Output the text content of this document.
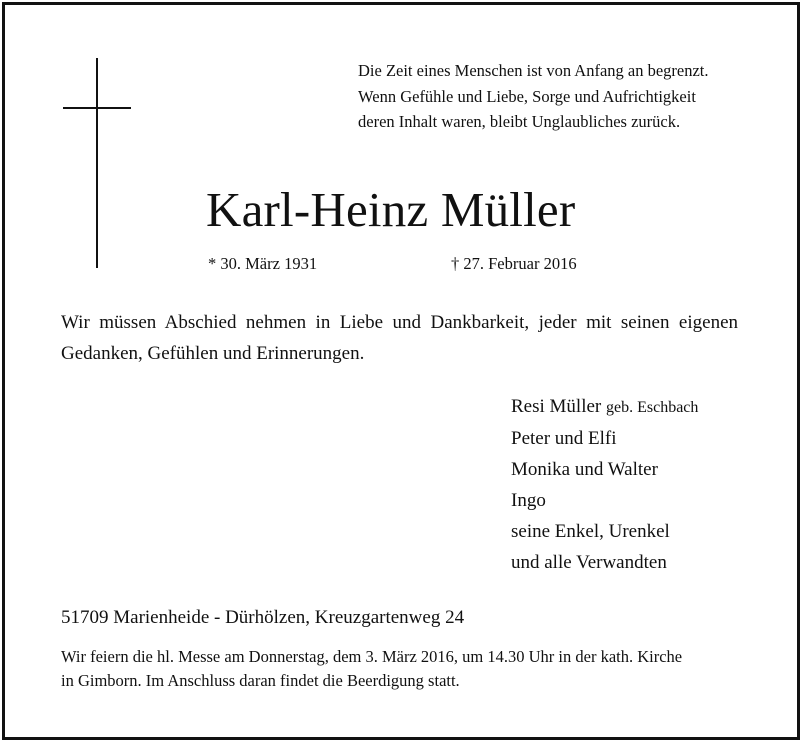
Die Zeit eines Menschen ist von Anfang an begrenzt.
Wenn Gefühle und Liebe, Sorge und Aufrichtigkeit
deren Inhalt waren, bleibt Unglaubliches zurück.
Karl-Heinz Müller
* 30. März 1931	† 27. Februar 2016
Wir müssen Abschied nehmen in Liebe und Dankbarkeit, jeder mit seinen eigenen
Gedanken, Gefühlen und Erinnerungen.
Resi Müller geb. Eschbach
Peter und Elfi
Monika und Walter
Ingo
seine Enkel, Urenkel
und alle Verwandten
51709 Marienheide - Dürhölzen, Kreuzgartenweg 24
Wir feiern die hl. Messe am Donnerstag, dem 3. März 2016, um 14.30 Uhr in der kath. Kirche
in Gimborn. Im Anschluss daran findet die Beerdigung statt.
